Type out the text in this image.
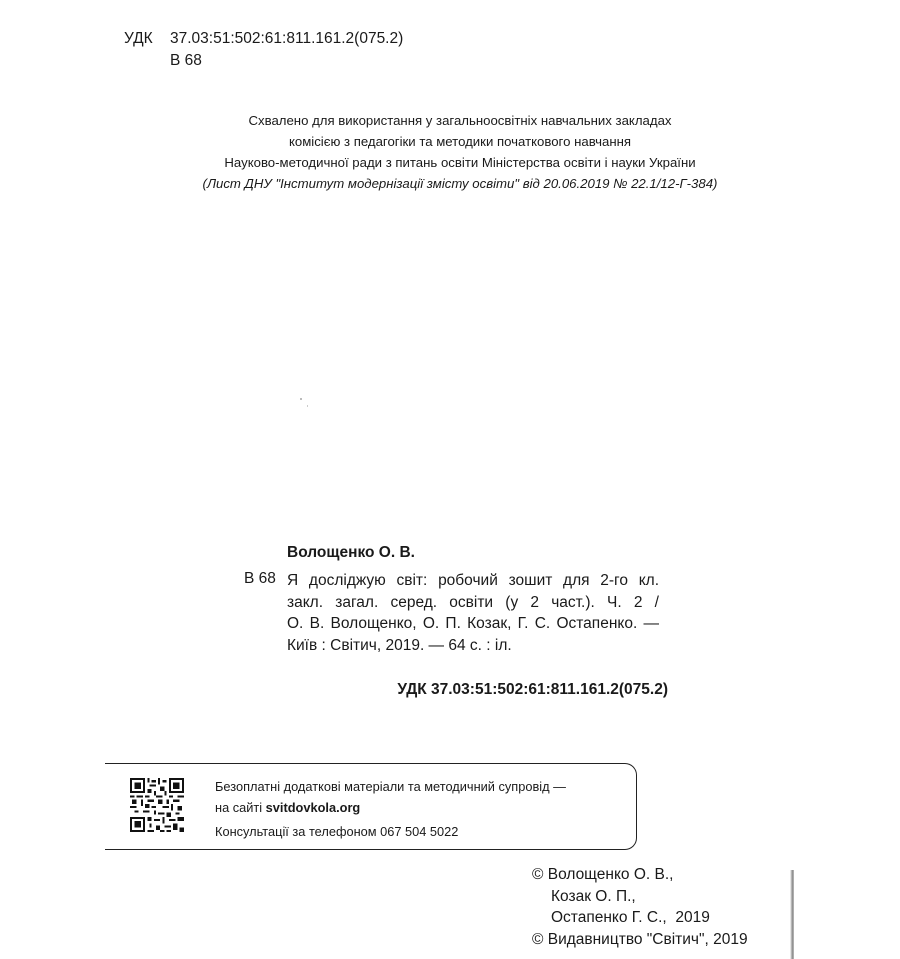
УДК 37.03:51:502:61:811.161.2(075.2)
В 68
Схвалено для використання у загальноосвітніх навчальних закладах
комісією з педагогіки та методики початкового навчання
Науково-методичної ради з питань освіти Міністерства освіти і науки України
(Лист ДНУ "Інститут модернізації змісту освіти" від 20.06.2019 № 22.1/12-Г-384)
Волощенко О. В.
В 68 Я досліджую світ: робочий зошит для 2-го кл.
закл. загал. серед. освіти (у 2 част.). Ч. 2 /
О. В. Волощенко, О. П. Козак, Г. С. Остапенко. —
Київ : Світич, 2019. — 64 с. : іл.
УДК 37.03:51:502:61:811.161.2(075.2)
Безоплатні додаткові матеріали та методичний супровід —
на сайті svitdovkola.org
Консультації за телефоном 067 504 5022
© Волощенко О. В.,
Козак О. П.,
Остапенко Г. С.,  2019
© Видавництво "Світич", 2019
